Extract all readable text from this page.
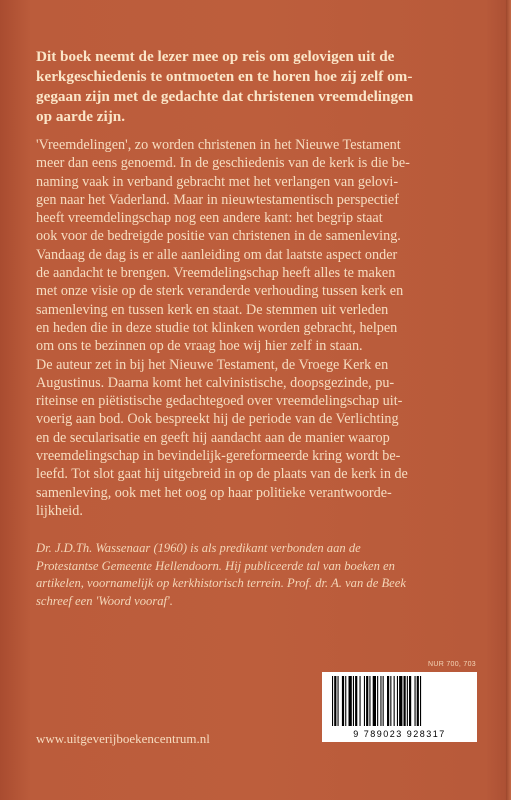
Dit boek neemt de lezer mee op reis om gelovigen uit de
kerkgeschiedenis te ontmoeten en te horen hoe zij zelf om-
gegaan zijn met de gedachte dat christenen vreemdelingen
op aarde zijn.
'Vreemdelingen', zo worden christenen in het Nieuwe Testament
meer dan eens genoemd. In de geschiedenis van de kerk is die be-
naming vaak in verband gebracht met het verlangen van gelovi-
gen naar het Vaderland. Maar in nieuwtestamentisch perspectief
heeft vreemdelingschap nog een andere kant: het begrip staat
ook voor de bedreigde positie van christenen in de samenleving.
Vandaag de dag is er alle aanleiding om dat laatste aspect onder
de aandacht te brengen. Vreemdelingschap heeft alles te maken
met onze visie op de sterk veranderde verhouding tussen kerk en
samenleving en tussen kerk en staat. De stemmen uit verleden
en heden die in deze studie tot klinken worden gebracht, helpen
om ons te bezinnen op de vraag hoe wij hier zelf in staan.
De auteur zet in bij het Nieuwe Testament, de Vroege Kerk en
Augustinus. Daarna komt het calvinistische, doopsgezinde, pu-
riteinse en piëtistische gedachtegoed over vreemdelingschap uit-
voerig aan bod. Ook bespreekt hij de periode van de Verlichting
en de secularisatie en geeft hij aandacht aan de manier waarop
vreemdelingschap in bevindelijk-gereformeerde kring wordt be-
leefd. Tot slot gaat hij uitgebreid in op de plaats van de kerk in de
samenleving, ook met het oog op haar politieke verantwoorde-
lijkheid.
Dr. J.D.Th. Wassenaar (1960) is als predikant verbonden aan de
Protestantse Gemeente Hellendoorn. Hij publiceerde tal van boeken en
artikelen, voornamelijk op kerkhistorisch terrein. Prof. dr. A. van de Beek
schreef een 'Woord vooraf'.
NUR 700, 703
9 789023 928317
www.uitgeverijboekencentrum.nl
